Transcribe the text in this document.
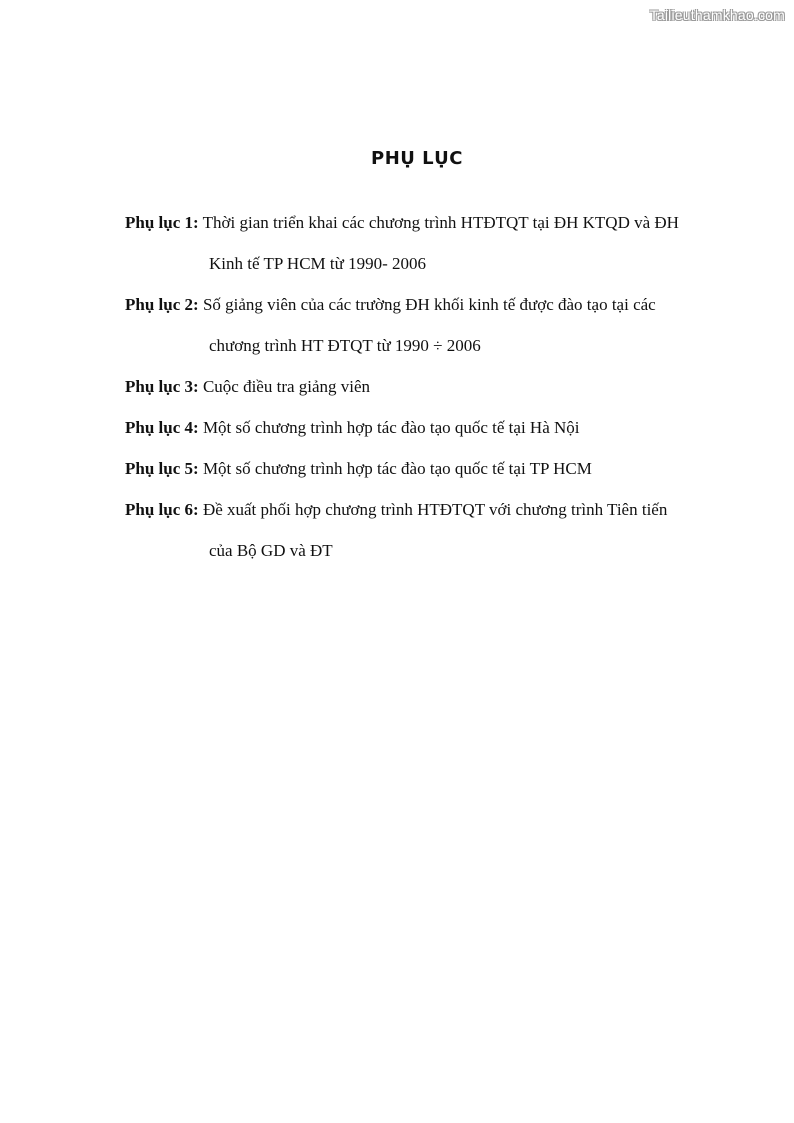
Tailieuthamkhao.com
PHỤ LỤC
Phụ lục 1: Thời gian triển khai các chương trình HTĐTQT tại ĐH KTQD và ĐH
Kinh tế TP HCM từ 1990- 2006
Phụ lục 2: Số giảng viên của các trường ĐH khối kinh tế được đào tạo tại các
chương trình HT ĐTQT từ 1990 ÷ 2006
Phụ lục 3: Cuộc điều tra giảng viên
Phụ lục 4: Một số chương trình hợp tác đào tạo quốc tế tại Hà Nội
Phụ lục 5: Một số chương trình hợp tác đào tạo quốc tế tại TP HCM
Phụ lục 6: Đề xuất phối hợp chương trình HTĐTQT với chương trình Tiên tiến
của Bộ GD và ĐT
